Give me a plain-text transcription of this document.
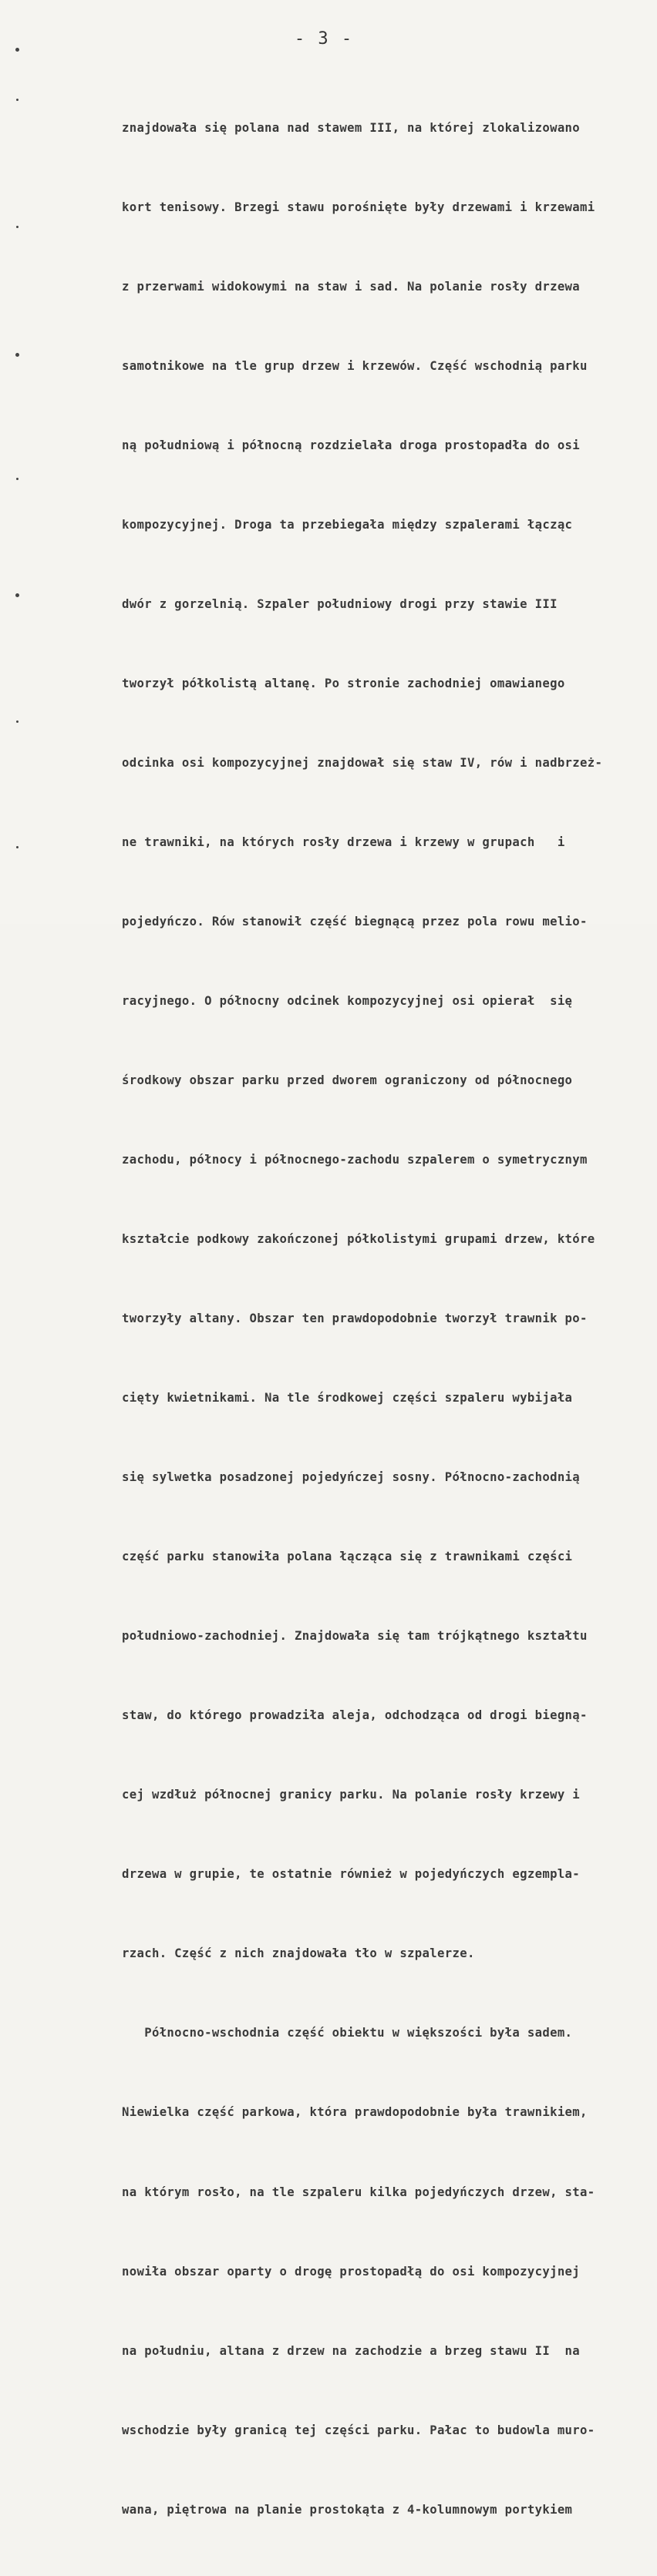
- 3 -

znajdowała się polana nad stawem III, na której zlokalizowano

kort tenisowy. Brzegi stawu porośnięte były drzewami i krzewami

z przerwami widokowymi na staw i sad. Na polanie rosły drzewa

samotnikowe na tle grup drzew i krzewów. Część wschodnią parku

ną południową i północną rozdzielała droga prostopadła do osi

kompozycyjnej. Droga ta przebiegała między szpalerami łącząc

dwór z gorzelnią. Szpaler południowy drogi przy stawie III

tworzył półkolistą altanę. Po stronie zachodniej omawianego

odcinka osi kompozycyjnej znajdował się staw IV, rów i nadbrzeż-

ne trawniki, na których rosły drzewa i krzewy w grupach   i

pojedyńczo. Rów stanowił część biegnącą przez pola rowu melio-

racyjnego. O północny odcinek kompozycyjnej osi opierał  się

środkowy obszar parku przed dworem ograniczony od północnego

zachodu, północy i północnego-zachodu szpalerem o symetrycznym

kształcie podkowy zakończonej półkolistymi grupami drzew, które

tworzyły altany. Obszar ten prawdopodobnie tworzył trawnik po-

cięty kwietnikami. Na tle środkowej części szpaleru wybijała

się sylwetka posadzonej pojedyńczej sosny. Północno-zachodnią

część parku stanowiła polana łącząca się z trawnikami części

południowo-zachodniej. Znajdowała się tam trójkątnego kształtu

staw, do którego prowadziła aleja, odchodząca od drogi biegną-

cej wzdłuż północnej granicy parku. Na polanie rosły krzewy i

drzewa w grupie, te ostatnie również w pojedyńczych egzempla-

rzach. Część z nich znajdowała tło w szpalerze.

Północno-wschodnia część obiektu w większości była sadem.

Niewielka część parkowa, która prawdopodobnie była trawnikiem,

na którym rosło, na tle szpaleru kilka pojedyńczych drzew, sta-

nowiła obszar oparty o drogę prostopadłą do osi kompozycyjnej

na południu, altana z drzew na zachodzie a brzeg stawu II  na

wschodzie były granicą tej części parku. Pałac to budowla muro-

wana, piętrowa na planie prostokąta z 4-kolumnowym portykiem
